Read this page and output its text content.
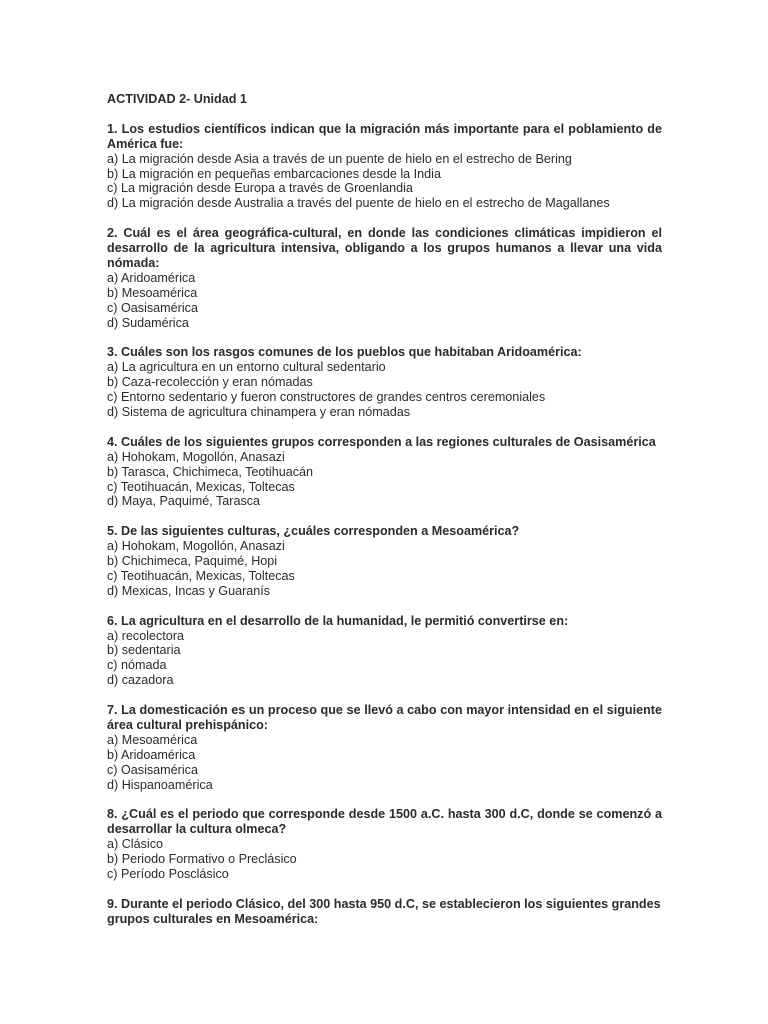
ACTIVIDAD 2- Unidad 1

1. Los estudios científicos indican que la migración más importante para el poblamiento de América fue:

a) La migración desde Asia a través de un puente de hielo en el estrecho de Bering

b) La migración en pequeñas embarcaciones desde la India

c) La migración desde Europa a través de Groenlandia

d) La migración desde Australia a través del puente de hielo en el estrecho de Magallanes

2. Cuál es el área geográfica-cultural, en donde las condiciones climáticas impidieron el desarrollo de la agricultura intensiva, obligando a los grupos humanos a llevar una vida nómada:

a) Aridoamérica

b) Mesoamérica

c) Oasisamérica

d) Sudamérica

3. Cuáles son los rasgos comunes de los pueblos que habitaban Aridoamérica:

a) La agricultura en un entorno cultural sedentario

b) Caza-recolección y eran nómadas

c) Entorno sedentario y fueron constructores de grandes centros ceremoniales

d) Sistema de agricultura chinampera y eran nómadas

4. Cuáles de los siguientes grupos corresponden a las regiones culturales de Oasisamérica

a) Hohokam, Mogollón, Anasazi

b) Tarasca, Chichimeca, Teotihuacán

c) Teotihuacán, Mexicas, Toltecas

d) Maya, Paquimé, Tarasca

5. De las siguientes culturas, ¿cuáles corresponden a Mesoamérica?

a) Hohokam, Mogollón, Anasazi

b) Chichimeca, Paquimé, Hopi

c) Teotihuacán, Mexicas, Toltecas

d) Mexicas, Incas y Guaranís

6. La agricultura en el desarrollo de la humanidad, le permitió convertirse en:

a) recolectora

b) sedentaria

c) nómada

d) cazadora

7. La domesticación es un proceso que se llevó a cabo con mayor intensidad en el siguiente área cultural prehispánico:

a) Mesoamérica

b) Aridoamérica

c) Oasisamérica

d) Hispanoamérica

8. ¿Cuál es el periodo que corresponde desde 1500 a.C. hasta 300 d.C, donde se comenzó a desarrollar la cultura olmeca?

a) Clásico

b) Periodo Formativo o Preclásico

c) Período Posclásico

9. Durante el periodo Clásico, del 300 hasta 950 d.C, se establecieron los siguientes grandes grupos culturales en Mesoamérica:
